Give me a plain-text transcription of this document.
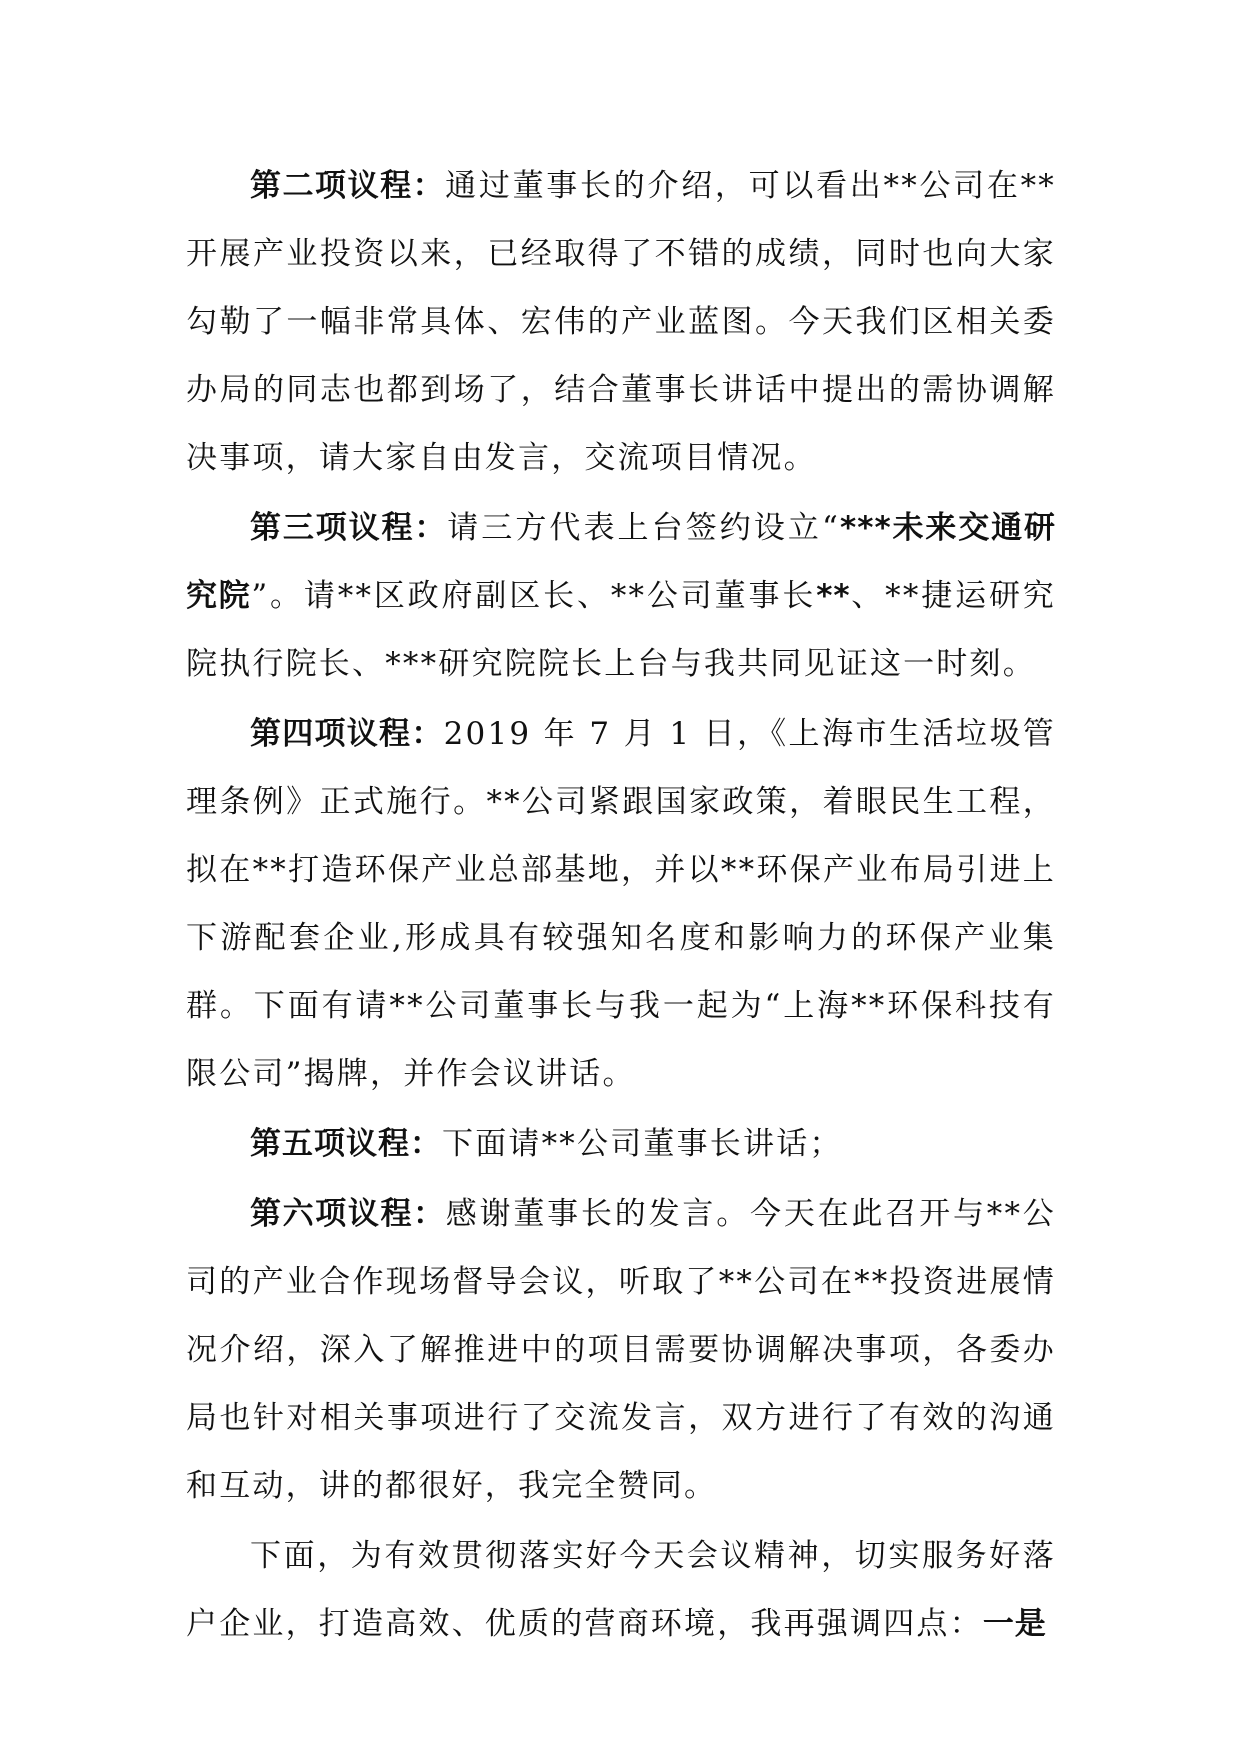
第二项议程：通过董事长的介绍，可以看出**公司在**开展产业投资以来，已经取得了不错的成绩，同时也向大家勾勒了一幅非常具体、宏伟的产业蓝图。今天我们区相关委办局的同志也都到场了，结合董事长讲话中提出的需协调解决事项，请大家自由发言，交流项目情况。

第三项议程：请三方代表上台签约设立“***未来交通研究院”。请**区政府副区长、**公司董事长**、**捷运研究院执行院长、***研究院院长上台与我共同见证这一时刻。

第四项议程：2019 年 7 月 1 日，《上海市生活垃圾管理条例》正式施行。**公司紧跟国家政策，着眼民生工程，拟在**打造环保产业总部基地，并以**环保产业布局引进上下游配套企业,形成具有较强知名度和影响力的环保产业集群。下面有请**公司董事长与我一起为“上海**环保科技有限公司”揭牌，并作会议讲话。

第五项议程：下面请**公司董事长讲话；

第六项议程：感谢董事长的发言。今天在此召开与**公司的产业合作现场督导会议，听取了**公司在**投资进展情况介绍，深入了解推进中的项目需要协调解决事项，各委办局也针对相关事项进行了交流发言，双方进行了有效的沟通和互动，讲的都很好，我完全赞同。

下面，为有效贯彻落实好今天会议精神，切实服务好落户企业，打造高效、优质的营商环境，我再强调四点：一是
